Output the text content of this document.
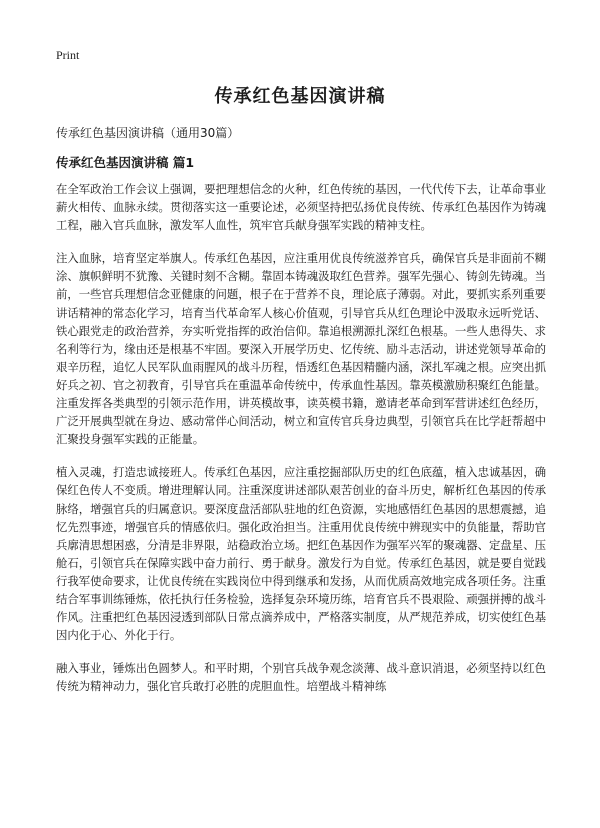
Print
传承红色基因演讲稿

传承红色基因演讲稿（通用30篇）

传承红色基因演讲稿 篇1

在全军政治工作会议上强调，要把理想信念的火种，红色传统的基因，一代代传下去，让革命事业薪火相传、血脉永续。贯彻落实这一重要论述，必须坚持把弘扬优良传统、传承红色基因作为铸魂工程，融入官兵血脉，激发军人血性，筑牢官兵献身强军实践的精神支柱。

注入血脉，培育坚定举旗人。传承红色基因，应注重用优良传统滋养官兵，确保官兵是非面前不糊涂、旗帜鲜明不犹豫、关键时刻不含糊。靠固本铸魂汲取红色营养。强军先强心、铸剑先铸魂。当前，一些官兵理想信念亚健康的问题，根子在于营养不良，理论底子薄弱。对此，要抓实系列重要讲话精神的常态化学习，培育当代革命军人核心价值观，引导官兵从红色理论中汲取永远听党话、铁心跟党走的政治营养，夯实听党指挥的政治信仰。靠追根溯源扎深红色根基。一些人患得失、求名利等行为，缘由还是根基不牢固。要深入开展学历史、忆传统、励斗志活动，讲述党领导革命的艰辛历程，追忆人民军队血雨腥风的战斗历程，悟透红色基因精髓内涵，深扎军魂之根。应突出抓好兵之初、官之初教育，引导官兵在重温革命传统中，传承血性基因。靠英模激励积聚红色能量。注重发挥各类典型的引领示范作用，讲英模故事，读英模书籍，邀请老革命到军营讲述红色经历，广泛开展典型就在身边、感动常伴心间活动，树立和宣传官兵身边典型，引领官兵在比学赶帮超中汇聚投身强军实践的正能量。

植入灵魂，打造忠诚接班人。传承红色基因，应注重挖掘部队历史的红色底蕴，植入忠诚基因，确保红色传人不变质。增进理解认同。注重深度讲述部队艰苦创业的奋斗历史，解析红色基因的传承脉络，增强官兵的归属意识。要深度盘活部队驻地的红色资源，实地感悟红色基因的思想震撼，追忆先烈事迹，增强官兵的情感依归。强化政治担当。注重用优良传统中辨现实中的负能量，帮助官兵廓清思想困惑，分清是非界限，站稳政治立场。把红色基因作为强军兴军的聚魂器、定盘星、压舱石，引领官兵在保障实践中奋力前行、勇于献身。激发行为自觉。传承红色基因，就是要自觉践行我军使命要求，让优良传统在实践岗位中得到继承和发扬，从而优质高效地完成各项任务。注重结合军事训练锤炼，依托执行任务检验，选择复杂环境历练，培育官兵不畏艰险、顽强拼搏的战斗作风。注重把红色基因浸透到部队日常点滴养成中，严格落实制度，从严规范养成，切实使红色基因内化于心、外化于行。

融入事业，锤炼出色圆梦人。和平时期，个别官兵战争观念淡薄、战斗意识消退，必须坚持以红色传统为精神动力，强化官兵敢打必胜的虎胆血性。培塑战斗精神练
